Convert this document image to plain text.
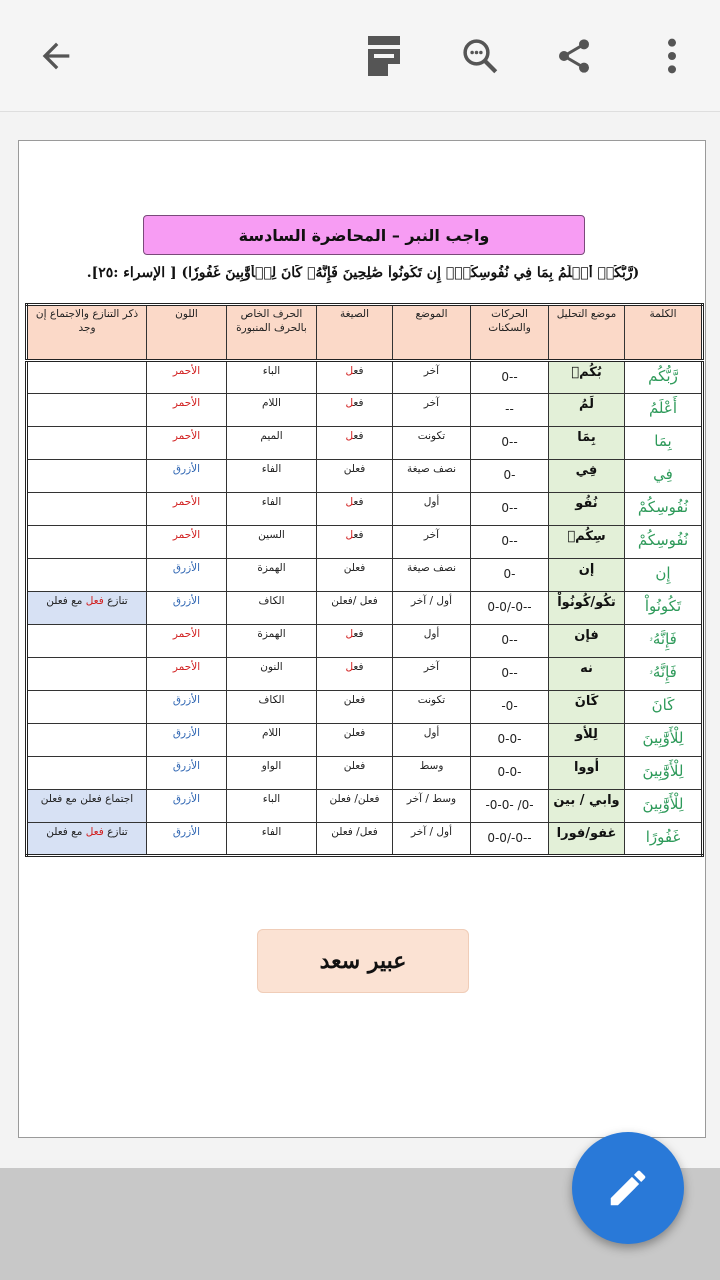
واجب النبر – المحاضرة السادسة
(رَّبُّكُمۡ أَعۡلَمُ بِمَا فِي نُفُوسِكُمۡۚ إِن تَكُونُواْ صَٰلِحِينَ فَإِنَّهُۥ كَانَ لِلۡأَوَّٰبِينَ غَفُورٗا) [ الإسراء :٢٥].
الكلمة	موضع التحليل	الحركات والسكنات	الموضع	الصيغة	الحرف الخاص بالحرف المنبورة	اللون	ذكر التنازع والاجتماع إن وجد
رَّبُّكُم	بُكُمۡ	--0	آخر	فعل	الباء	الأحمر	
أَعْلَمُ	لَمُ	--	آخر	فعل	اللام	الأحمر	
بِمَا	بِمَا	--0	تكونت	فعل	الميم	الأحمر	
فِي	فِي	-0	نصف صيغة	فعلن	الفاء	الأزرق	
نُفُوسِكُمْ	نُفُو	--0	أول	فعل	الفاء	الأحمر	
نُفُوسِكُمْ	سِكُمۡ	--0	آخر	فعل	السين	الأحمر	
إِن	إن	-0	نصف صيغة	فعلن	الهمزة	الأزرق	
تَكُونُواْ	تكُو/كُونُواْ	--0-/0-0	أول / آخر	فعل /فعلن	الكاف	الأزرق	تنازع فعل مع فعلن
فَإِنَّهُۥ	فإن	--0	أول	فعل	الهمزة	الأحمر	
فَإِنَّهُۥ	نه	--0	آخر	فعل	النون	الأحمر	
كَانَ	كَانَ	-0-	تكونت	فعلن	الكاف	الأزرق	
لِلْأَوَّٰبِينَ	لِلأو	-0-0	أول	فعلن	اللام	الأزرق	
لِلْأَوَّٰبِينَ	أووا	-0-0	وسط	فعلن	الواو	الأزرق	
لِلْأَوَّٰبِينَ	وابي / بين	-0/ -0-0-	وسط / آخر	فعلن/ فعلن	الباء	الأزرق	اجتماع فعلن مع فعلن
غَفُورًا	غفو/فورا	--0-/0-0	أول / آخر	فعل/ فعلن	الفاء	الأزرق	تنازع فعل مع فعلن
عبير سعد
